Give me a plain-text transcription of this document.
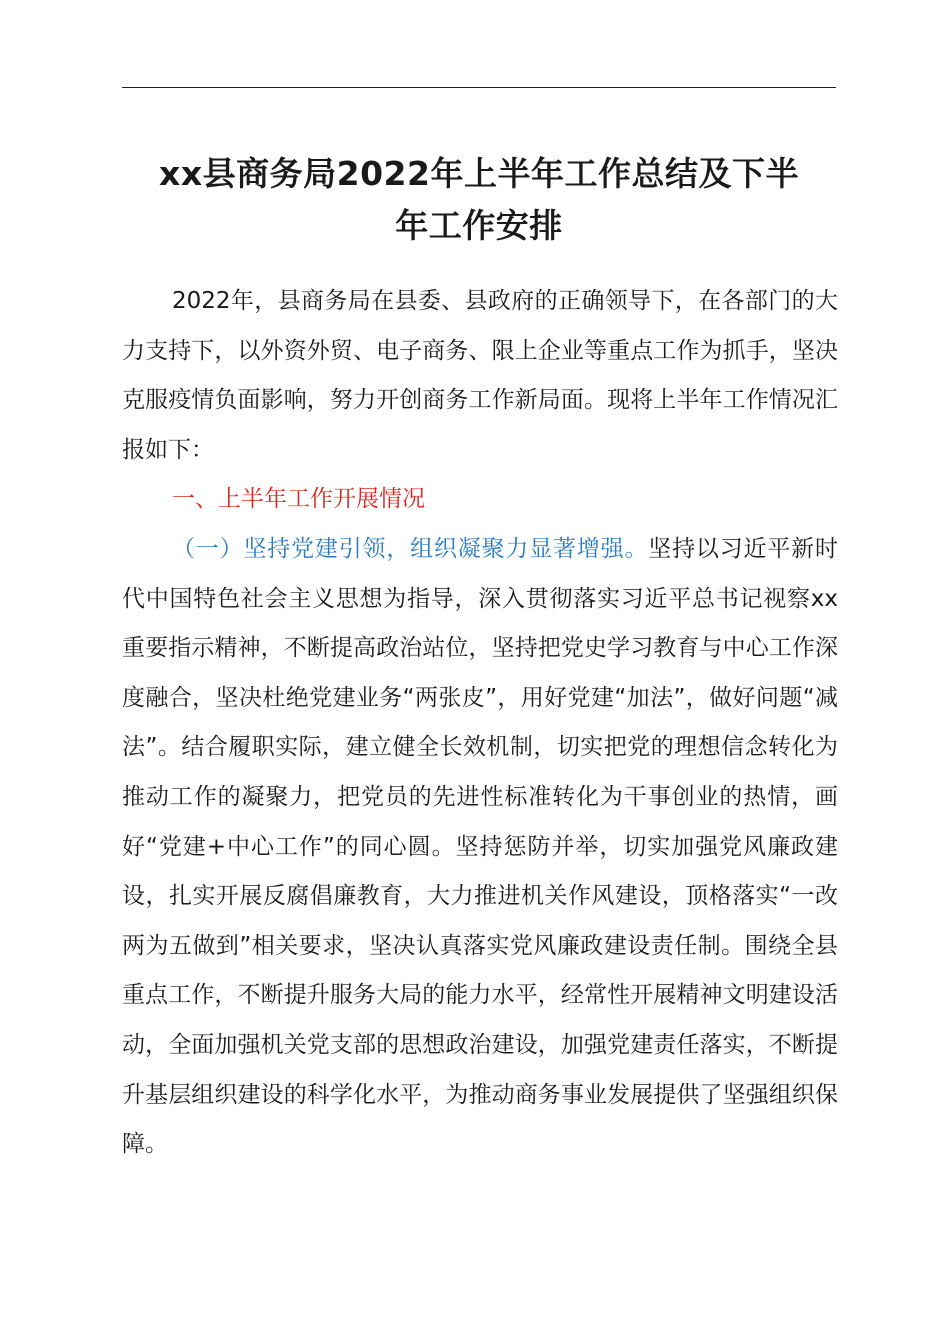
xx县商务局2022年上半年工作总结及下半
年工作安排

2022年，县商务局在县委、县政府的正确领导下，在各部门的大力支持下，以外资外贸、电子商务、限上企业等重点工作为抓手，坚决克服疫情负面影响，努力开创商务工作新局面。现将上半年工作情况汇报如下：

一、上半年工作开展情况

（一）坚持党建引领，组织凝聚力显著增强。坚持以习近平新时代中国特色社会主义思想为指导，深入贯彻落实习近平总书记视察xx重要指示精神，不断提高政治站位，坚持把党史学习教育与中心工作深度融合，坚决杜绝党建业务“两张皮”，用好党建“加法”，做好问题“减法”。结合履职实际，建立健全长效机制，切实把党的理想信念转化为推动工作的凝聚力，把党员的先进性标准转化为干事创业的热情，画好“党建+中心工作”的同心圆。坚持惩防并举，切实加强党风廉政建设，扎实开展反腐倡廉教育，大力推进机关作风建设，顶格落实“一改两为五做到”相关要求，坚决认真落实党风廉政建设责任制。围绕全县重点工作，不断提升服务大局的能力水平，经常性开展精神文明建设活动，全面加强机关党支部的思想政治建设，加强党建责任落实，不断提升基层组织建设的科学化水平，为推动商务事业发展提供了坚强组织保障。
